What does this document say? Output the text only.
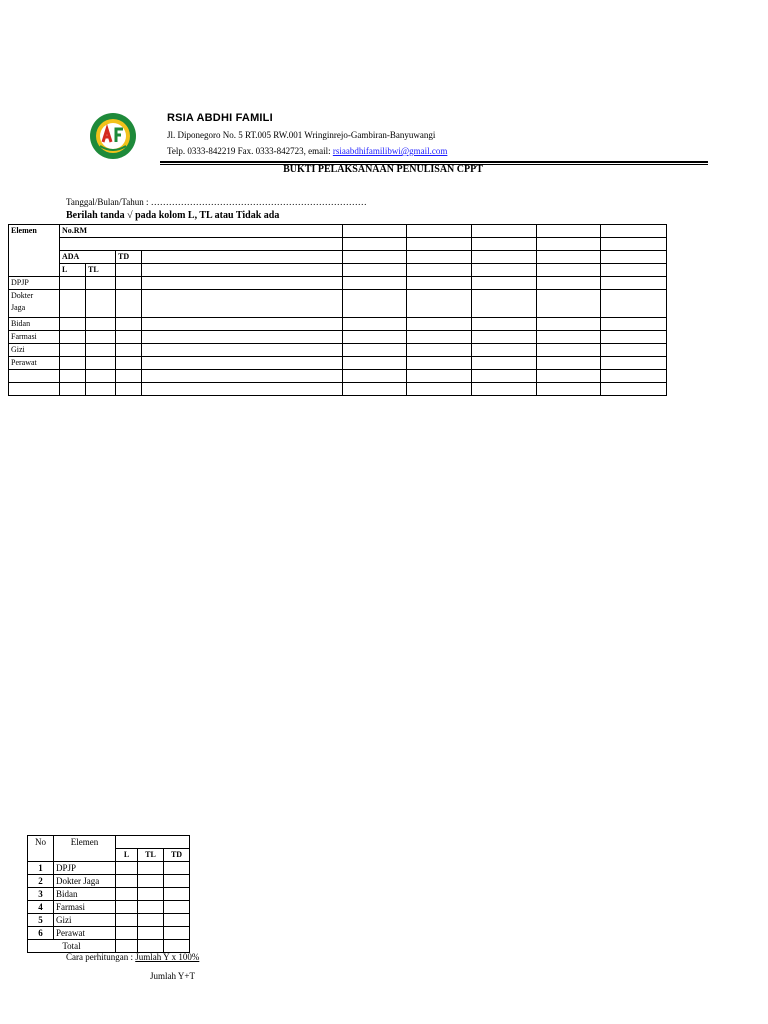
RSIA ABDHI FAMILI
Jl. Diponegoro No. 5 RT.005 RW.001 Wringinrejo-Gambiran-Banyuwangi
Telp. 0333-842219 Fax. 0333-842723, email: rsiaabdhifamilibwi@gmail.com
BUKTI PELAKSANAAN PENULISAN CPPT
Tanggal/Bulan/Tahun : ………………………………………………………………
Berilah tanda √ pada kolom L, TL atau Tidak ada
Elemen	No.RM								

	ADA		TD						
	L	TL							
DPJP									
Dokter
Jaga									
Bidan									
Farmasi									
Gizi									
Perawat									

No	Elemen			
		L	TL	TD
1	DPJP			
2	Dokter Jaga			
3	Bidan			
4	Farmasi			
5	Gizi			
6	Perawat			
Total				
Cara perhitungan : Jumlah Y x 100%
Jumlah Y+T
